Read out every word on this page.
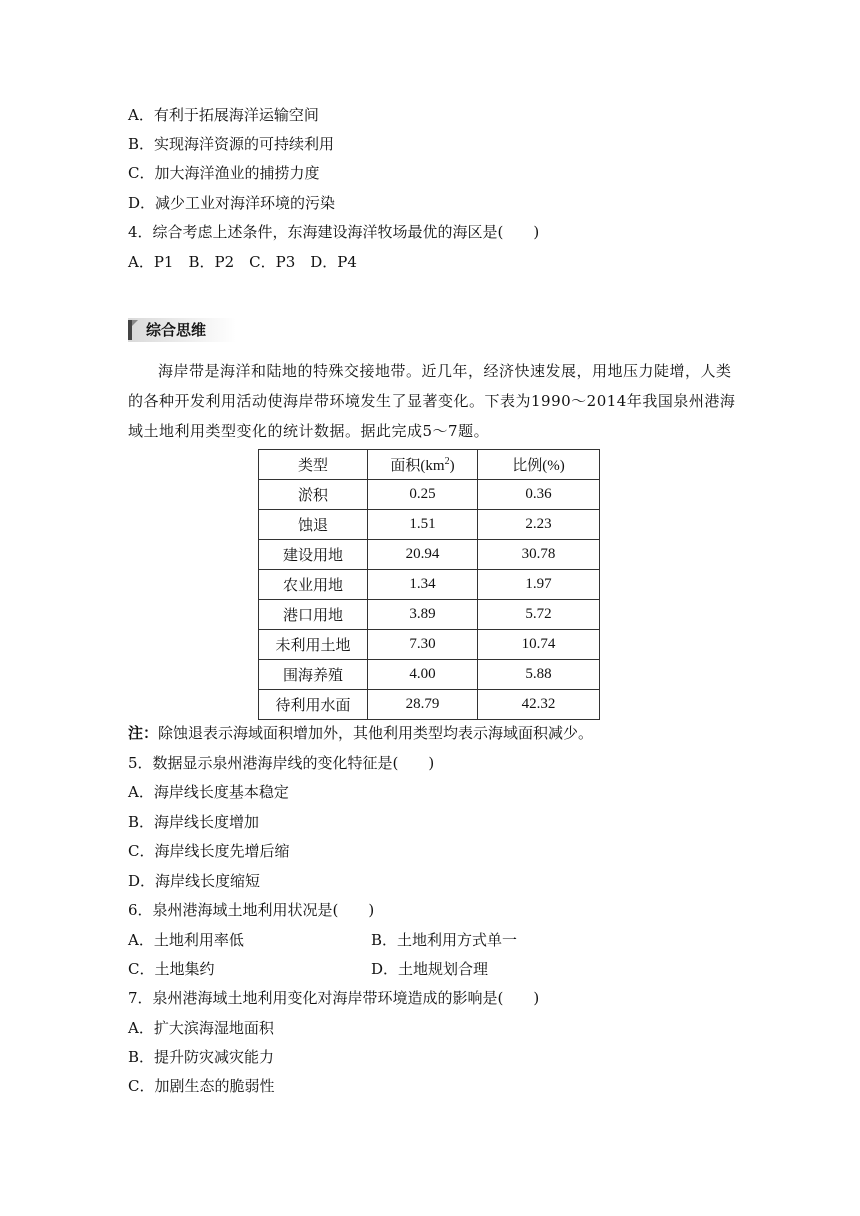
A．有利于拓展海洋运输空间
B．实现海洋资源的可持续利用
C．加大海洋渔业的捕捞力度
D．减少工业对海洋环境的污染
4．综合考虑上述条件，东海建设海洋牧场最优的海区是(　　)
A．P1　B．P2　C．P3　D．P4
综合思维
海岸带是海洋和陆地的特殊交接地带。近几年，经济快速发展，用地压力陡增，人类的各种开发利用活动使海岸带环境发生了显著变化。下表为1990～2014年我国泉州港海域土地利用类型变化的统计数据。据此完成5～7题。
类型	面积$(km^2)$	比例(%)
淤积	0.25	0.36
蚀退	1.51	2.23
建设用地	20.94	30.78
农业用地	1.34	1.97
港口用地	3.89	5.72
未利用土地	7.30	10.74
围海养殖	4.00	5.88
待利用水面	28.79	42.32
注：除蚀退表示海域面积增加外，其他利用类型均表示海域面积减少。
5．数据显示泉州港海岸线的变化特征是(　　)
A．海岸线长度基本稳定
B．海岸线长度增加
C．海岸线长度先增后缩
D．海岸线长度缩短
6．泉州港海域土地利用状况是(　　)
A．土地利用率低	B．土地利用方式单一
C．土地集约	D．土地规划合理
7．泉州港海域土地利用变化对海岸带环境造成的影响是(　　)
A．扩大滨海湿地面积
B．提升防灾减灾能力
C．加剧生态的脆弱性
